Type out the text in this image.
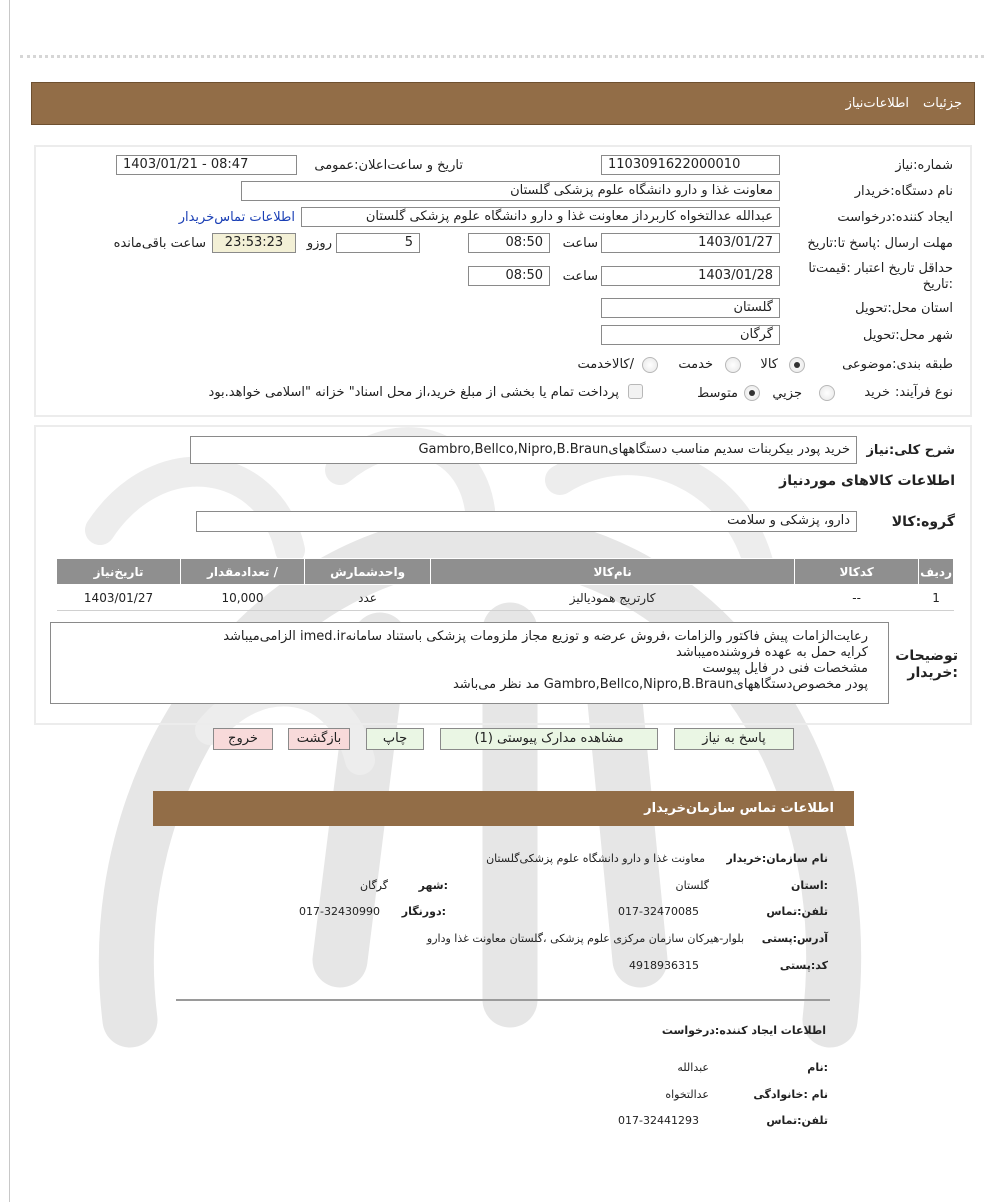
جزئیات
اطلاعات‌نیاز
شماره‌:نیاز
1103091622000010
تاریخ و ساعت‌اعلان:عمومی
1403/01/21 - 08:47
نام دستگاه:خریدار
معاونت غذا و دارو دانشگاه علوم پزشکی گلستان
ایجاد کننده:درخواست
عبدالله عدالتخواه کاربرداز معاونت غذا و دارو دانشگاه علوم پزشکی گلستان
اطلاعات تماس‌خریدار
مهلت ارسال :پاسخ تا:تاریخ
1403/01/27
ساعت
08:50
5
روزو
23:53:23
ساعت باقی‌مانده
حداقل تاریخ اعتبار :قیمت‌تا
:تاریخ
1403/01/28
ساعت
08:50
استان محل:تحویل
گلستان
شهر محل:تحویل
گرگان
طبقه بندی:موضوعی
کالا
خدمت
/کالاخدمت
نوع فرآیند:
خرید
جزیي
متوسط
پرداخت تمام یا بخشی از مبلغ خرید،از محل اسناد" خزانه "اسلامی خواهد.بود
شرح کلی:نیاز
خرید پودر بیکربنات سدیم مناسب دستگاههایGambro,Bellco,Nipro,B.Braun
اطلاعات کالاهای موردنیاز
گروه:کالا
دارو، پزشکی و سلامت
ردیف	کدکالا	نام‌کالا	واحدشمارش	/ تعدادمقدار	تاریخ‌نیاز
1	--	کارتریج همودیالیز	عدد	10,000	1403/01/27
توضیحات
:خریدار
رعایت‌الزامات پیش فاکتور والزامات ،فروش عرضه و توزیع مجاز ملزومات پزشکی باستناد سامانهimed.ir الزامی‌میباشد
کرایه حمل به عهده فروشنده‌میباشد
مشخصات فنی در فایل پیوست
پودر مخصوص‌دستگاههایGambro,Bellco,Nipro,B.Braun مد نظر می‌باشد
پاسخ به نیاز
مشاهده مدارک پیوستی (1)
چاپ
بازگشت
خروج
اطلاعات تماس سازمان‌خریدار
نام سازمان:خریدار
معاونت غذا و دارو دانشگاه علوم پزشکی‌گلستان
:استان
گلستان
:شهر
گرگان
تلفن:تماس
017-32470085
:دورنگار
017-32430990
آدرس:پستی
بلوار-هیرکان سازمان مرکزی علوم پزشکی ،گلستان معاونت غذا ودارو
کد:پستی
4918936315
اطلاعات ایجاد کننده:درخواست
:نام
عبدالله
نام :خانوادگی
عدالتخواه
تلفن:تماس
017-32441293
